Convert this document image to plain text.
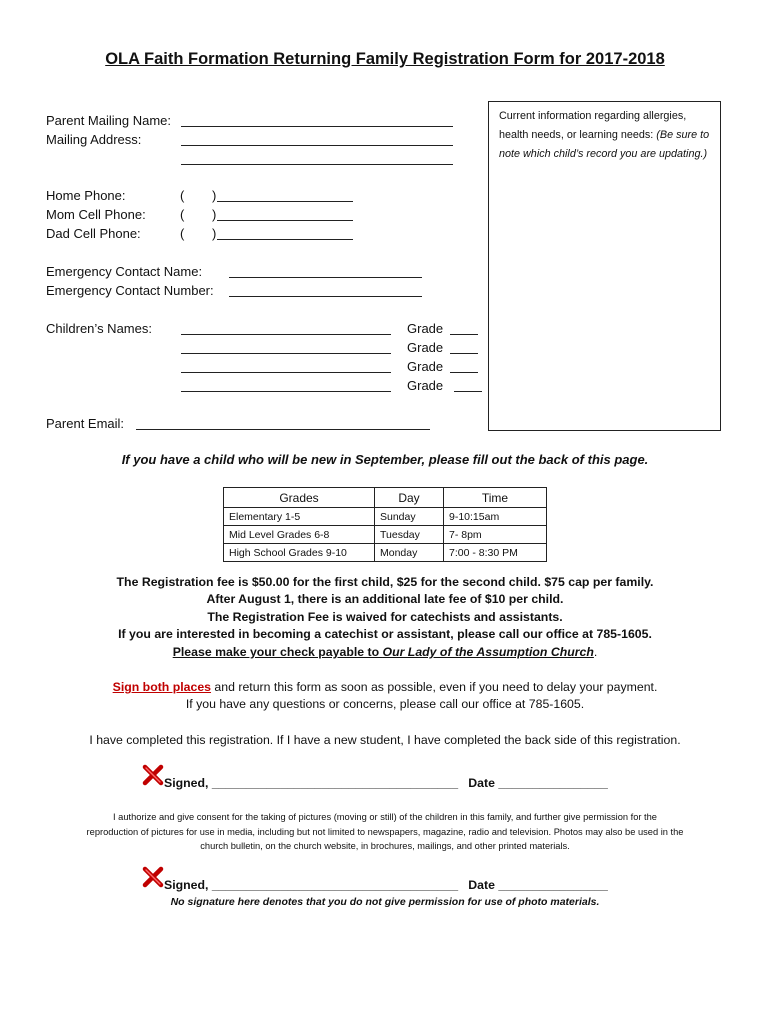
OLA Faith Formation Returning Family Registration Form for 2017-2018
Parent Mailing Name:
Mailing Address:
Home Phone:	( )
Mom Cell Phone:	( )
Dad Cell Phone:	( )
Emergency Contact Name:
Emergency Contact Number:
Children’s Names:	Grade
Grade
Grade
Grade
Parent Email:
Current information regarding allergies, health needs, or learning needs: (Be sure to note which child’s record you are updating.)
If you have a child who will be new in September, please fill out the back of this page.
Grades	Day	Time
Elementary 1-5	Sunday	9-10:15am
Mid Level Grades 6-8	Tuesday	7- 8pm
High School Grades 9-10	Monday	7:00 - 8:30 PM
The Registration fee is $50.00 for the first child, $25 for the second child. $75 cap per family.
After August 1, there is an additional late fee of $10 per child.
The Registration Fee is waived for catechists and assistants.
If you are interested in becoming a catechist or assistant, please call our office at 785-1605.
Please make your check payable to Our Lady of the Assumption Church.
Sign both places and return this form as soon as possible, even if you need to delay your payment.
If you have any questions or concerns, please call our office at 785-1605.
I have completed this registration. If I have a new student, I have completed the back side of this registration.
Signed, ____________________________________ Date ________________
I authorize and give consent for the taking of pictures (moving or still) of the children in this family, and further give permission for the
reproduction of pictures for use in media, including but not limited to newspapers, magazine, radio and television. Photos may also be used in the
church bulletin, on the church website, in brochures, mailings, and other printed materials.
Signed, ____________________________________ Date ________________
No signature here denotes that you do not give permission for use of photo materials.
